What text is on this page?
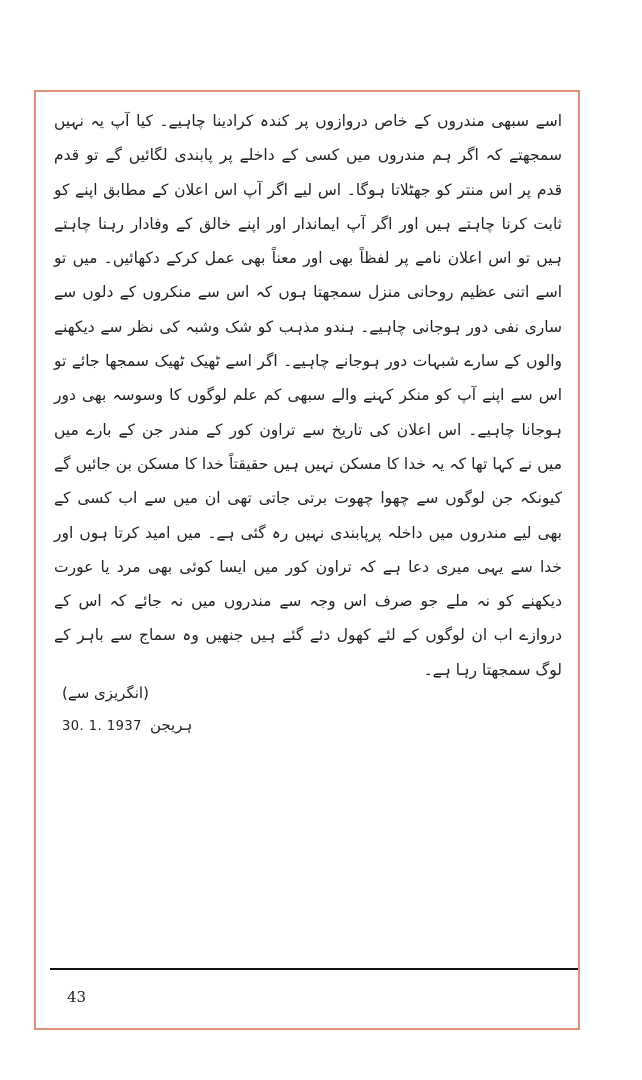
اسے سبھی مندروں کے خاص دروازوں پر کندہ کرادینا چاہیے۔ کیا آپ یہ نہیں سمجھتے کہ اگر ہم مندروں میں کسی کے داخلے پر پابندی لگائیں گے تو قدم قدم پر اس منتر کو جھٹلاتا ہوگا۔ اس لیے اگر آپ اس اعلان کے مطابق اپنے کو ثابت کرنا چاہتے ہیں اور اگر آپ ایماندار اور اپنے خالق کے وفادار رہنا چاہتے ہیں تو اس اعلان نامے پر لفظاً بھی اور معناً بھی عمل کرکے دکھائیں۔ میں تو اسے اتنی عظیم روحانی منزل سمجھتا ہوں کہ اس سے منکروں کے دلوں سے ساری نفی دور ہوجانی چاہیے۔ ہندو مذہب کو شک وشبہ کی نظر سے دیکھنے والوں کے سارے شبہات دور ہوجانے چاہیے۔ اگر اسے ٹھیک ٹھیک سمجھا جائے تو اس سے اپنے آپ کو منکر کہنے والے سبھی کم علم لوگوں کا وسوسہ بھی دور ہوجانا چاہیے۔ اس اعلان کی تاریخ سے تراون کور کے مندر جن کے بارے میں میں نے کہا تھا کہ یہ خدا کا مسکن نہیں ہیں حقیقتاً خدا کا مسکن بن جائیں گے کیونکہ جن لوگوں سے چھوا چھوت برتی جاتی تھی ان میں سے اب کسی کے بھی لیے مندروں میں داخلہ پرپابندی نہیں رہ گئی ہے۔ میں امید کرتا ہوں اور خدا سے یہی میری دعا ہے کہ تراون کور میں ایسا کوئی بھی مرد یا عورت دیکھنے کو نہ ملے جو صرف اس وجہ سے مندروں میں نہ جائے کہ اس کے دروازے اب ان لوگوں کے لئے کھول دئے گئے ہیں جنھیں وہ سماج سے باہر کے لوگ سمجھتا رہا ہے۔

(انگریزی سے)

30. 1. 1937 ہریجن
43
